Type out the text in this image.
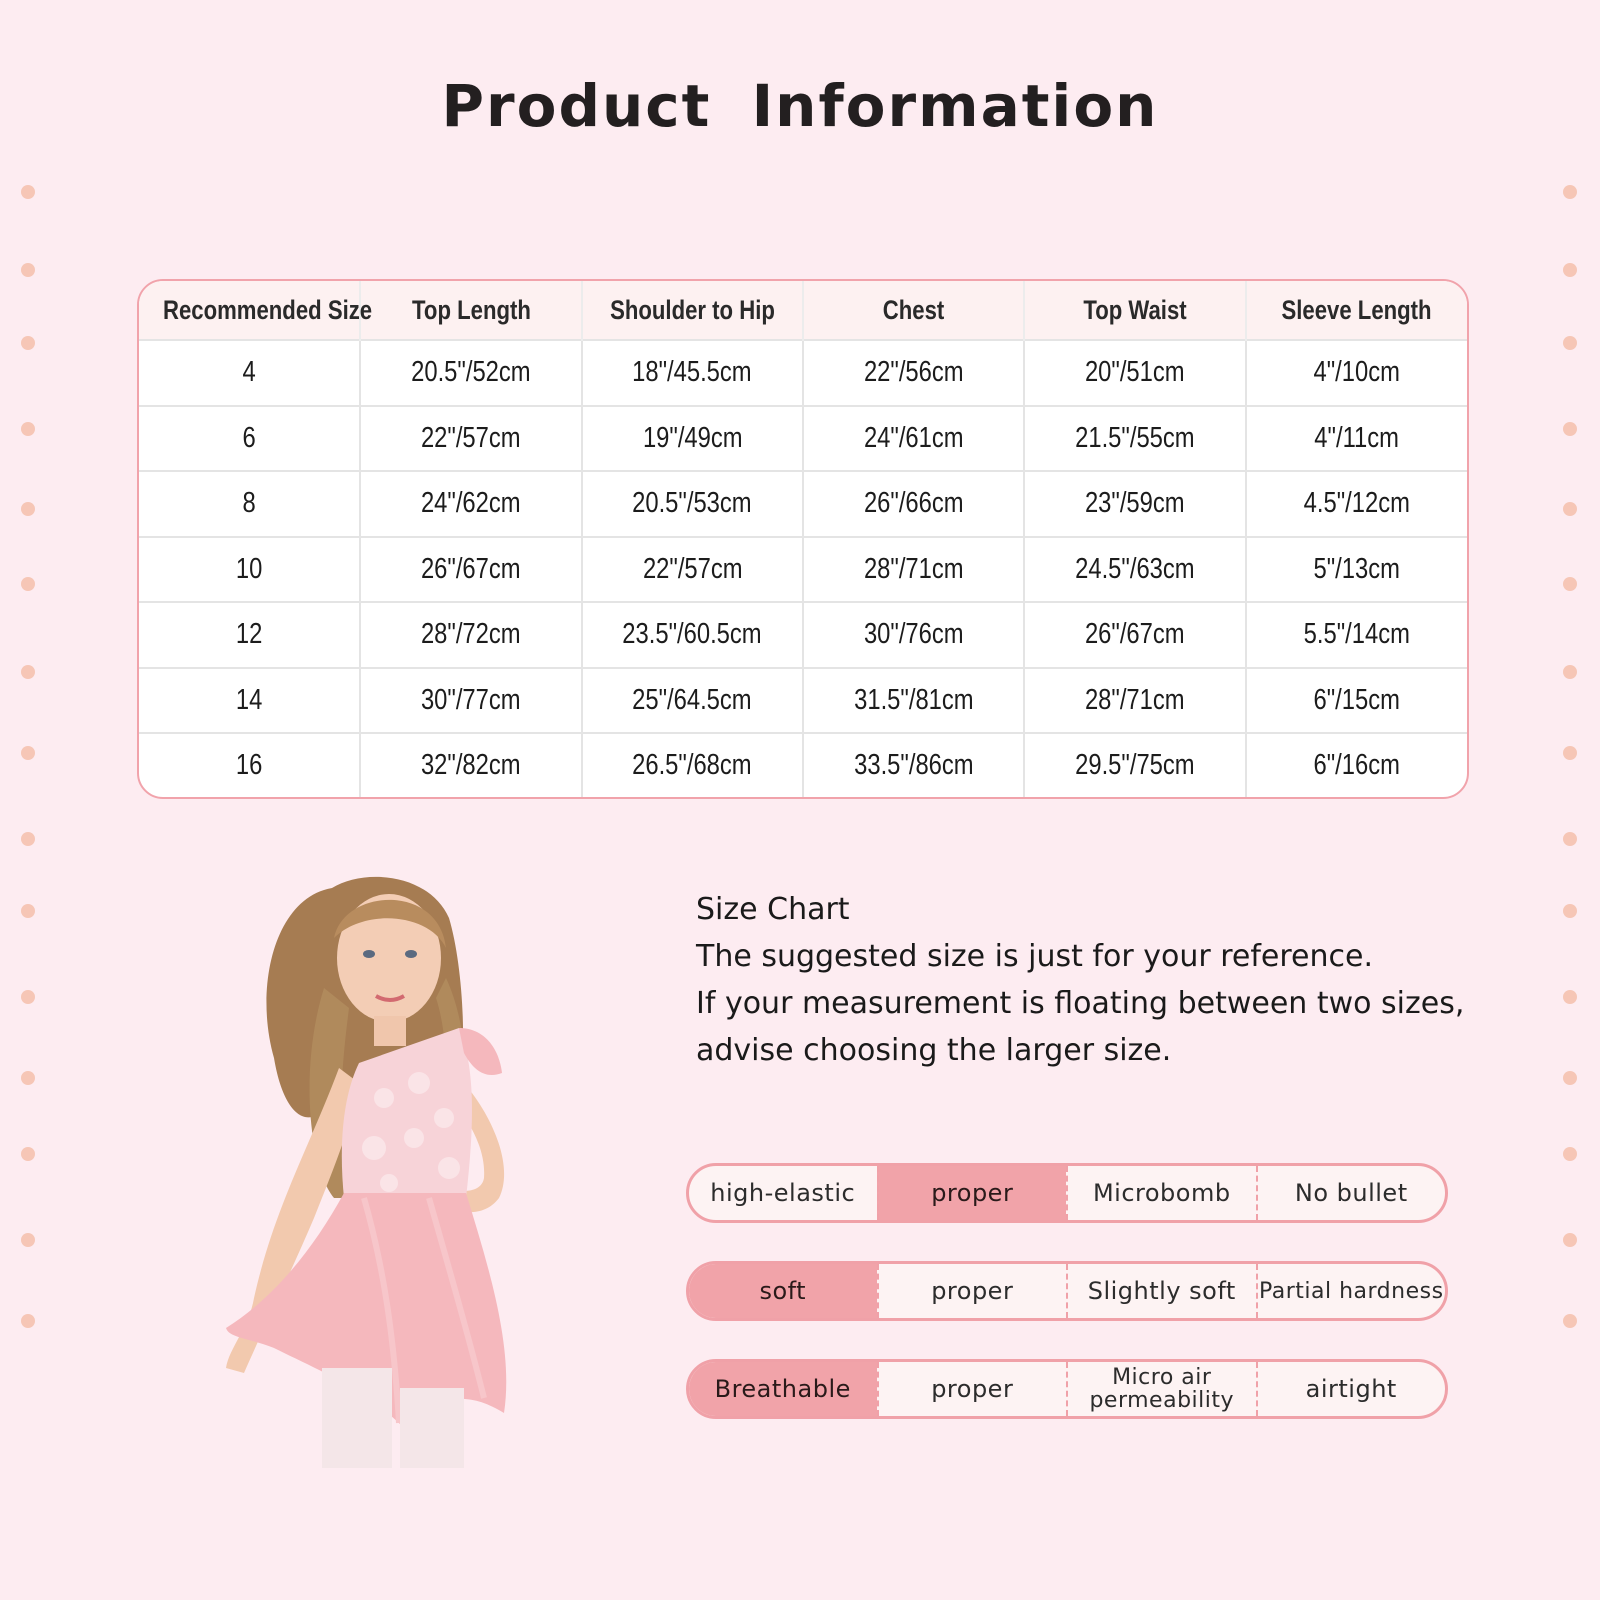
Product Information
Recommended Size	Top Length	Shoulder to Hip	Chest	Top Waist	Sleeve Length
4	20.5"/52cm	18"/45.5cm	22"/56cm	20"/51cm	4"/10cm
6	22"/57cm	19"/49cm	24"/61cm	21.5"/55cm	4"/11cm
8	24"/62cm	20.5"/53cm	26"/66cm	23"/59cm	4.5"/12cm
10	26"/67cm	22"/57cm	28"/71cm	24.5"/63cm	5"/13cm
12	28"/72cm	23.5"/60.5cm	30"/76cm	26"/67cm	5.5"/14cm
14	30"/77cm	25"/64.5cm	31.5"/81cm	28"/71cm	6"/15cm
16	32"/82cm	26.5"/68cm	33.5"/86cm	29.5"/75cm	6"/16cm
Size Chart
The suggested size is just for your reference.
If your measurement is floating between two sizes,
advise choosing the larger size.
high-elastic	proper	Microbomb	No bullet
soft	proper	Slightly soft	Partial hardness
Breathable	proper	Micro air permeability	airtight
